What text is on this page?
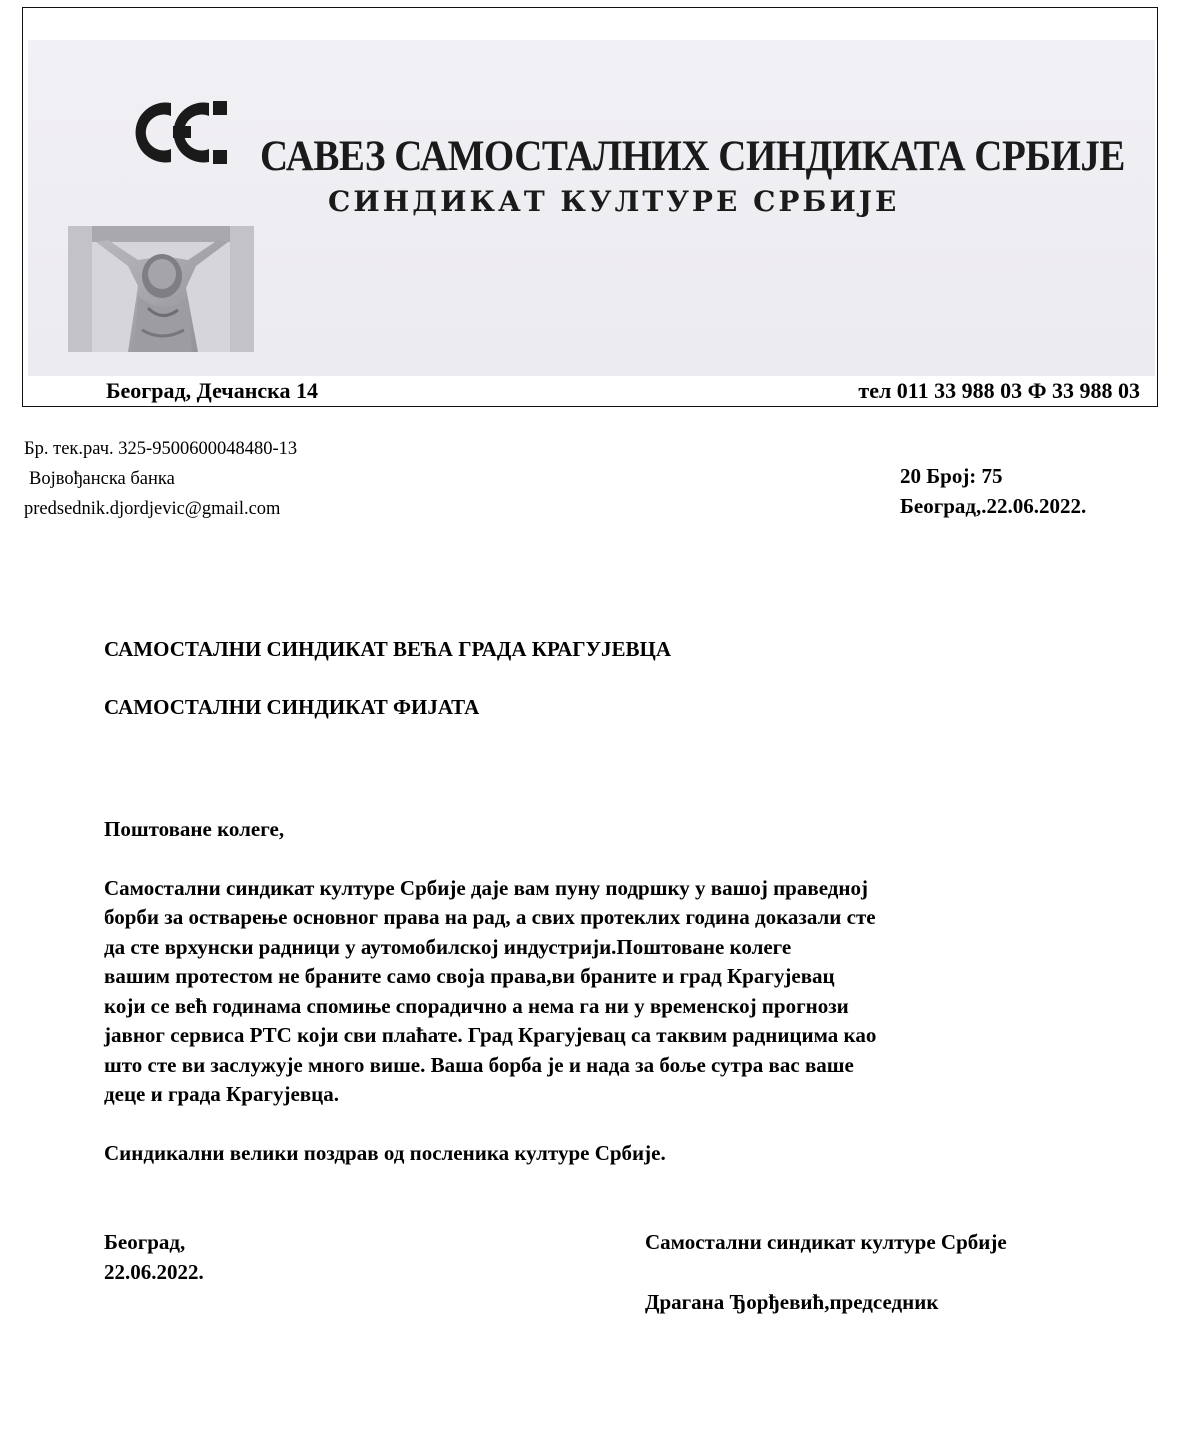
САВЕЗ САМОСТАЛНИХ СИНДИКАТА СРБИЈЕ
СИНДИКАТ КУЛТУРЕ СРБИЈЕ
Београд, Дечанска 14	тел 011 33 988 03 Ф 33 988 03
Бр. тек.рач. 325-9500600048480-13
Војвођанска банка
predsednik.djordjevic@gmail.com
20 Број: 75
Београд,.22.06.2022.
САМОСТАЛНИ СИНДИКАТ ВЕЋА ГРАДА КРАГУЈЕВЦА
САМОСТАЛНИ СИНДИКАТ ФИЈАТА

Поштоване колеге,

Самостални синдикат културе Србије даје вам пуну подршку у вашој праведној
борби за остварење основног права на рад, а свих протеклих година доказали сте
да сте врхунски радници у аутомобилској индустрији.Поштоване колеге
вашим протестом не браните само своја права,ви браните и град Крагујевац
који се већ годинама спомиње спорадично а нема га ни у временској прогнози
јавног сервиса РТС који сви плаћате. Град Крагујевац са таквим радницима као
што сте ви заслужује много више. Ваша борба је и нада за боље сутра вас ваше
деце и града Крагујевца.

Синдикални велики поздрав од посленика културе Србије.

Београд,
22.06.2022.
Самостални синдикат културе Србије
Драгана Ђорђевић,председник
